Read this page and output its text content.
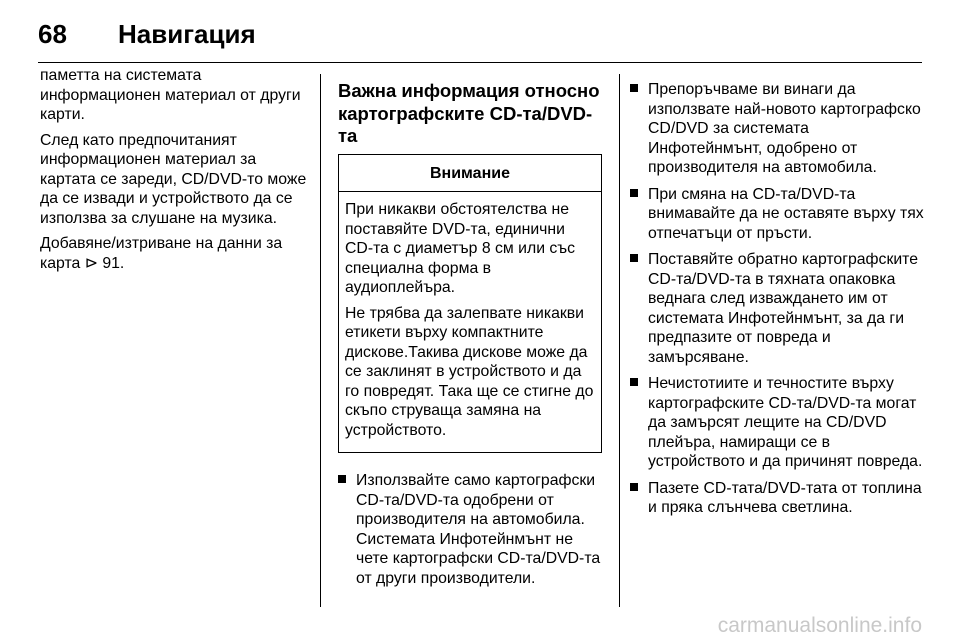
68	Навигация

паметта на системата информационен материал от други карти.

След като предпочитаният информационен материал за картата се зареди, CD/DVD-то може да се извади и устройството да се използва за слушане на музика.

Добавяне/изтриване на данни за карта ⊳ 91.

Важна информация относно картографските CD-та/DVD-та
Внимание

При никакви обстоятелства не поставяйте DVD-та, единични CD-та с диаметър 8 см или със специална форма в аудиоплейъра.

Не трябва да залепвате никакви етикети върху компактните дискове.Такива дискове може да се заклинят в устройството и да го повредят. Така ще се стигне до скъпо струваща замяна на устройството.

Използвайте само картографски CD-та/DVD-та одобрени от производителя на автомобила. Системата Инфотейнмънт не чете картографски CD-та/DVD-та от други производители.
Препоръчваме ви винаги да използвате най-новото картографско CD/DVD за системата Инфотейнмънт, одобрено от производителя на автомобила.
При смяна на CD-та/DVD-та внимавайте да не оставяте върху тях отпечатъци от пръсти.
Поставяйте обратно картографските CD-та/DVD-та в тяхната опаковка веднага след изваждането им от системата Инфотейнмънт, за да ги предпазите от повреда и замърсяване.
Нечистотиите и течностите върху картографските CD-та/DVD-та могат да замърсят лещите на CD/DVD плейъра, намиращи се в устройството и да причинят повреда.
Пазете CD-тата/DVD-тата от топлина и пряка слънчева светлина.
carmanualsonline.info
